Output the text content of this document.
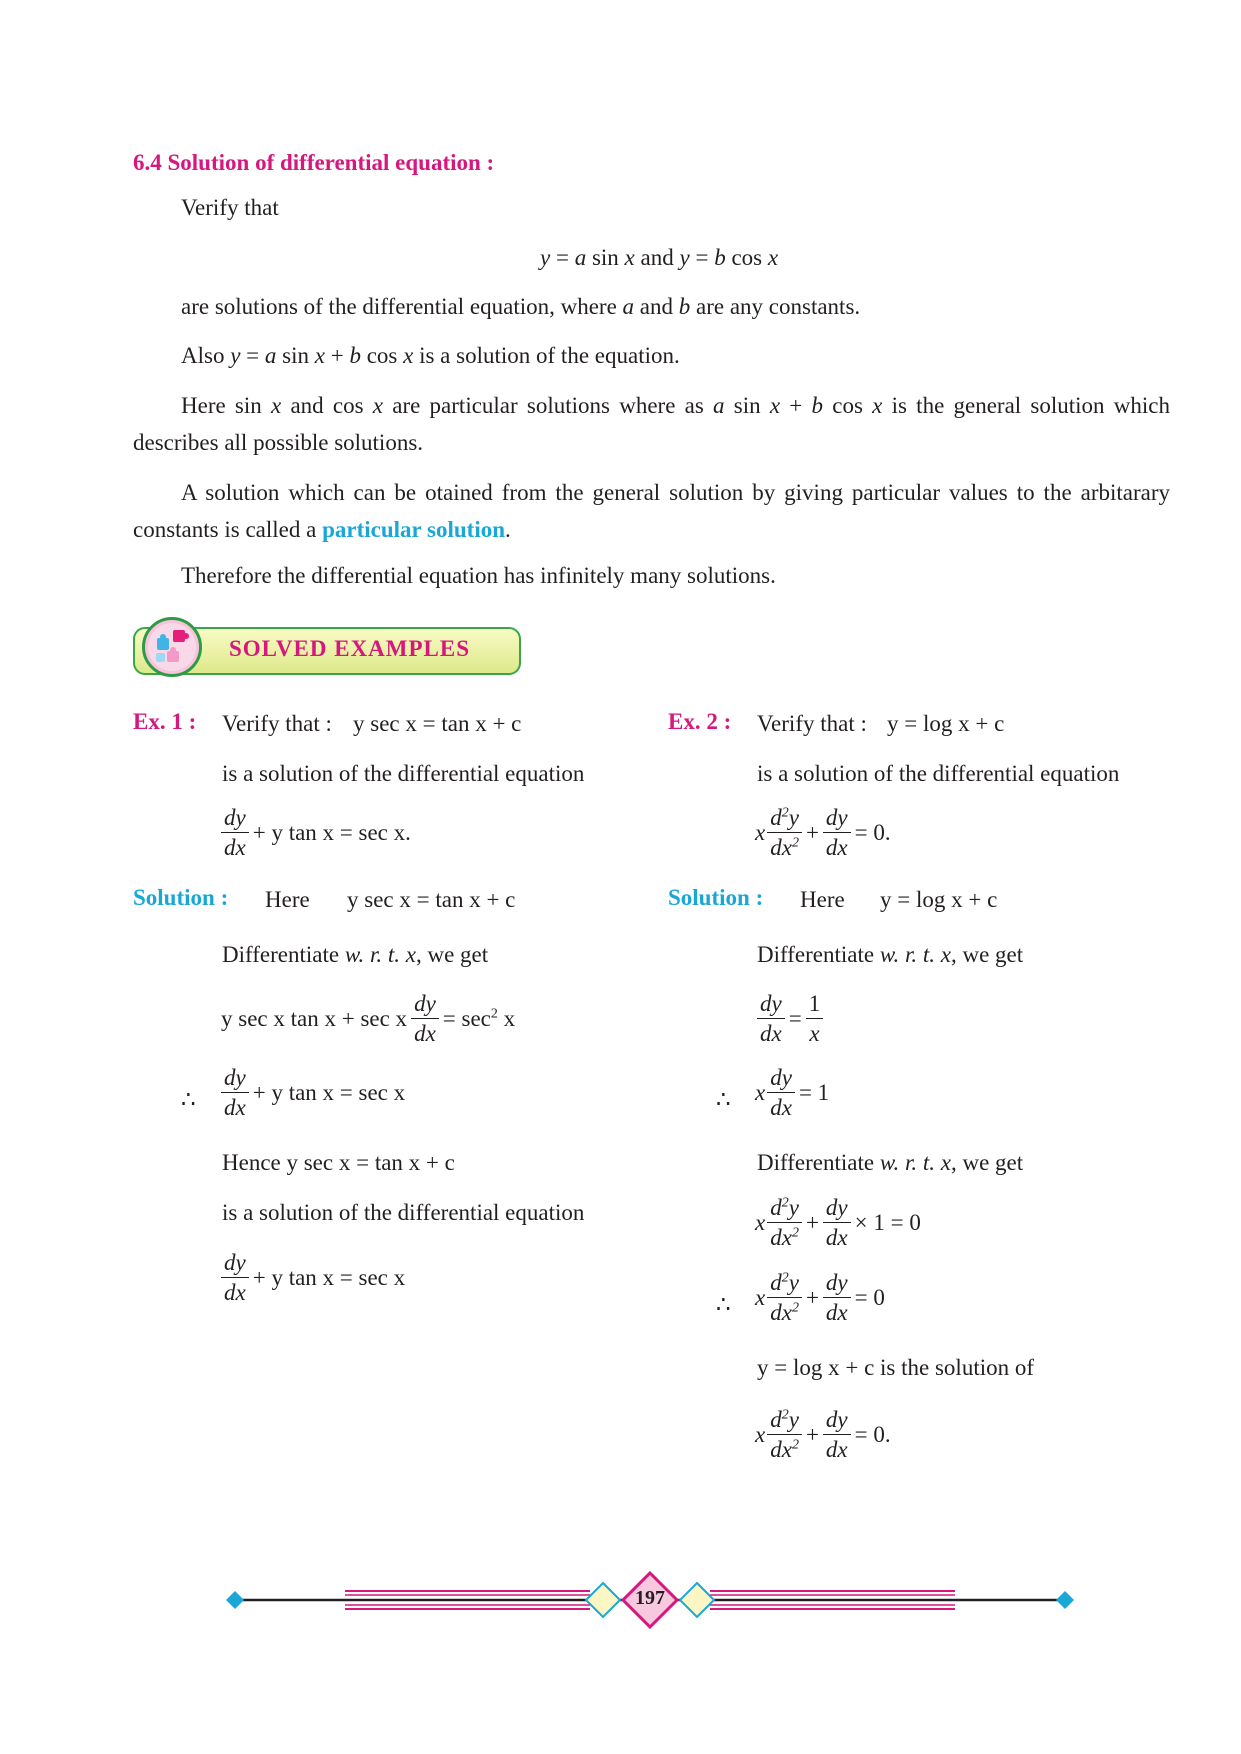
6.4 Solution of differential equation :
Verify that
y = a sin x and y = b cos x
are solutions of the differential equation, where a and b are any constants.
Also y = a sin x + b cos x is a solution of the equation.
Here sin x and cos x are particular solutions where as a sin x + b cos x is the general solution which describes all possible solutions.
A solution which can be otained from the general solution by giving particular values to the arbitarary constants is called a particular solution.
Therefore the differential equation has infinitely many solutions.
SOLVED EXAMPLES
Ex. 1 : Verify that : y sec x = tan x + c
is a solution of the differential equation
$\frac{dy}{dx} + y$ tan x = sec x.
Solution : Here y sec x = tan x + c
Differentiate w. r. t. x, we get
y sec x tan x + sec x $\frac{dy}{dx} = \sec^2 x$
∴ $\frac{dy}{dx} + y$ tan x = sec x
Hence y sec x = tan x + c
is a solution of the differential equation
$\frac{dy}{dx} + y$ tan x = sec x
Ex. 2 : Verify that : y = log x + c
is a solution of the differential equation
x $\frac{d^2y}{dx^2} + \frac{dy}{dx} = 0$.
Solution : Here y = log x + c
Differentiate w. r. t. x, we get
$\frac{dy}{dx} = \frac{1}{x}$
∴ x $\frac{dy}{dx} = 1$
Differentiate w. r. t. x, we get
x $\frac{d^2y}{dx^2} + \frac{dy}{dx} \times 1 = 0$
∴ x $\frac{d^2y}{dx^2} + \frac{dy}{dx} = 0$
y = log x + c is the solution of
x $\frac{d^2y}{dx^2} + \frac{dy}{dx} = 0$.
197
